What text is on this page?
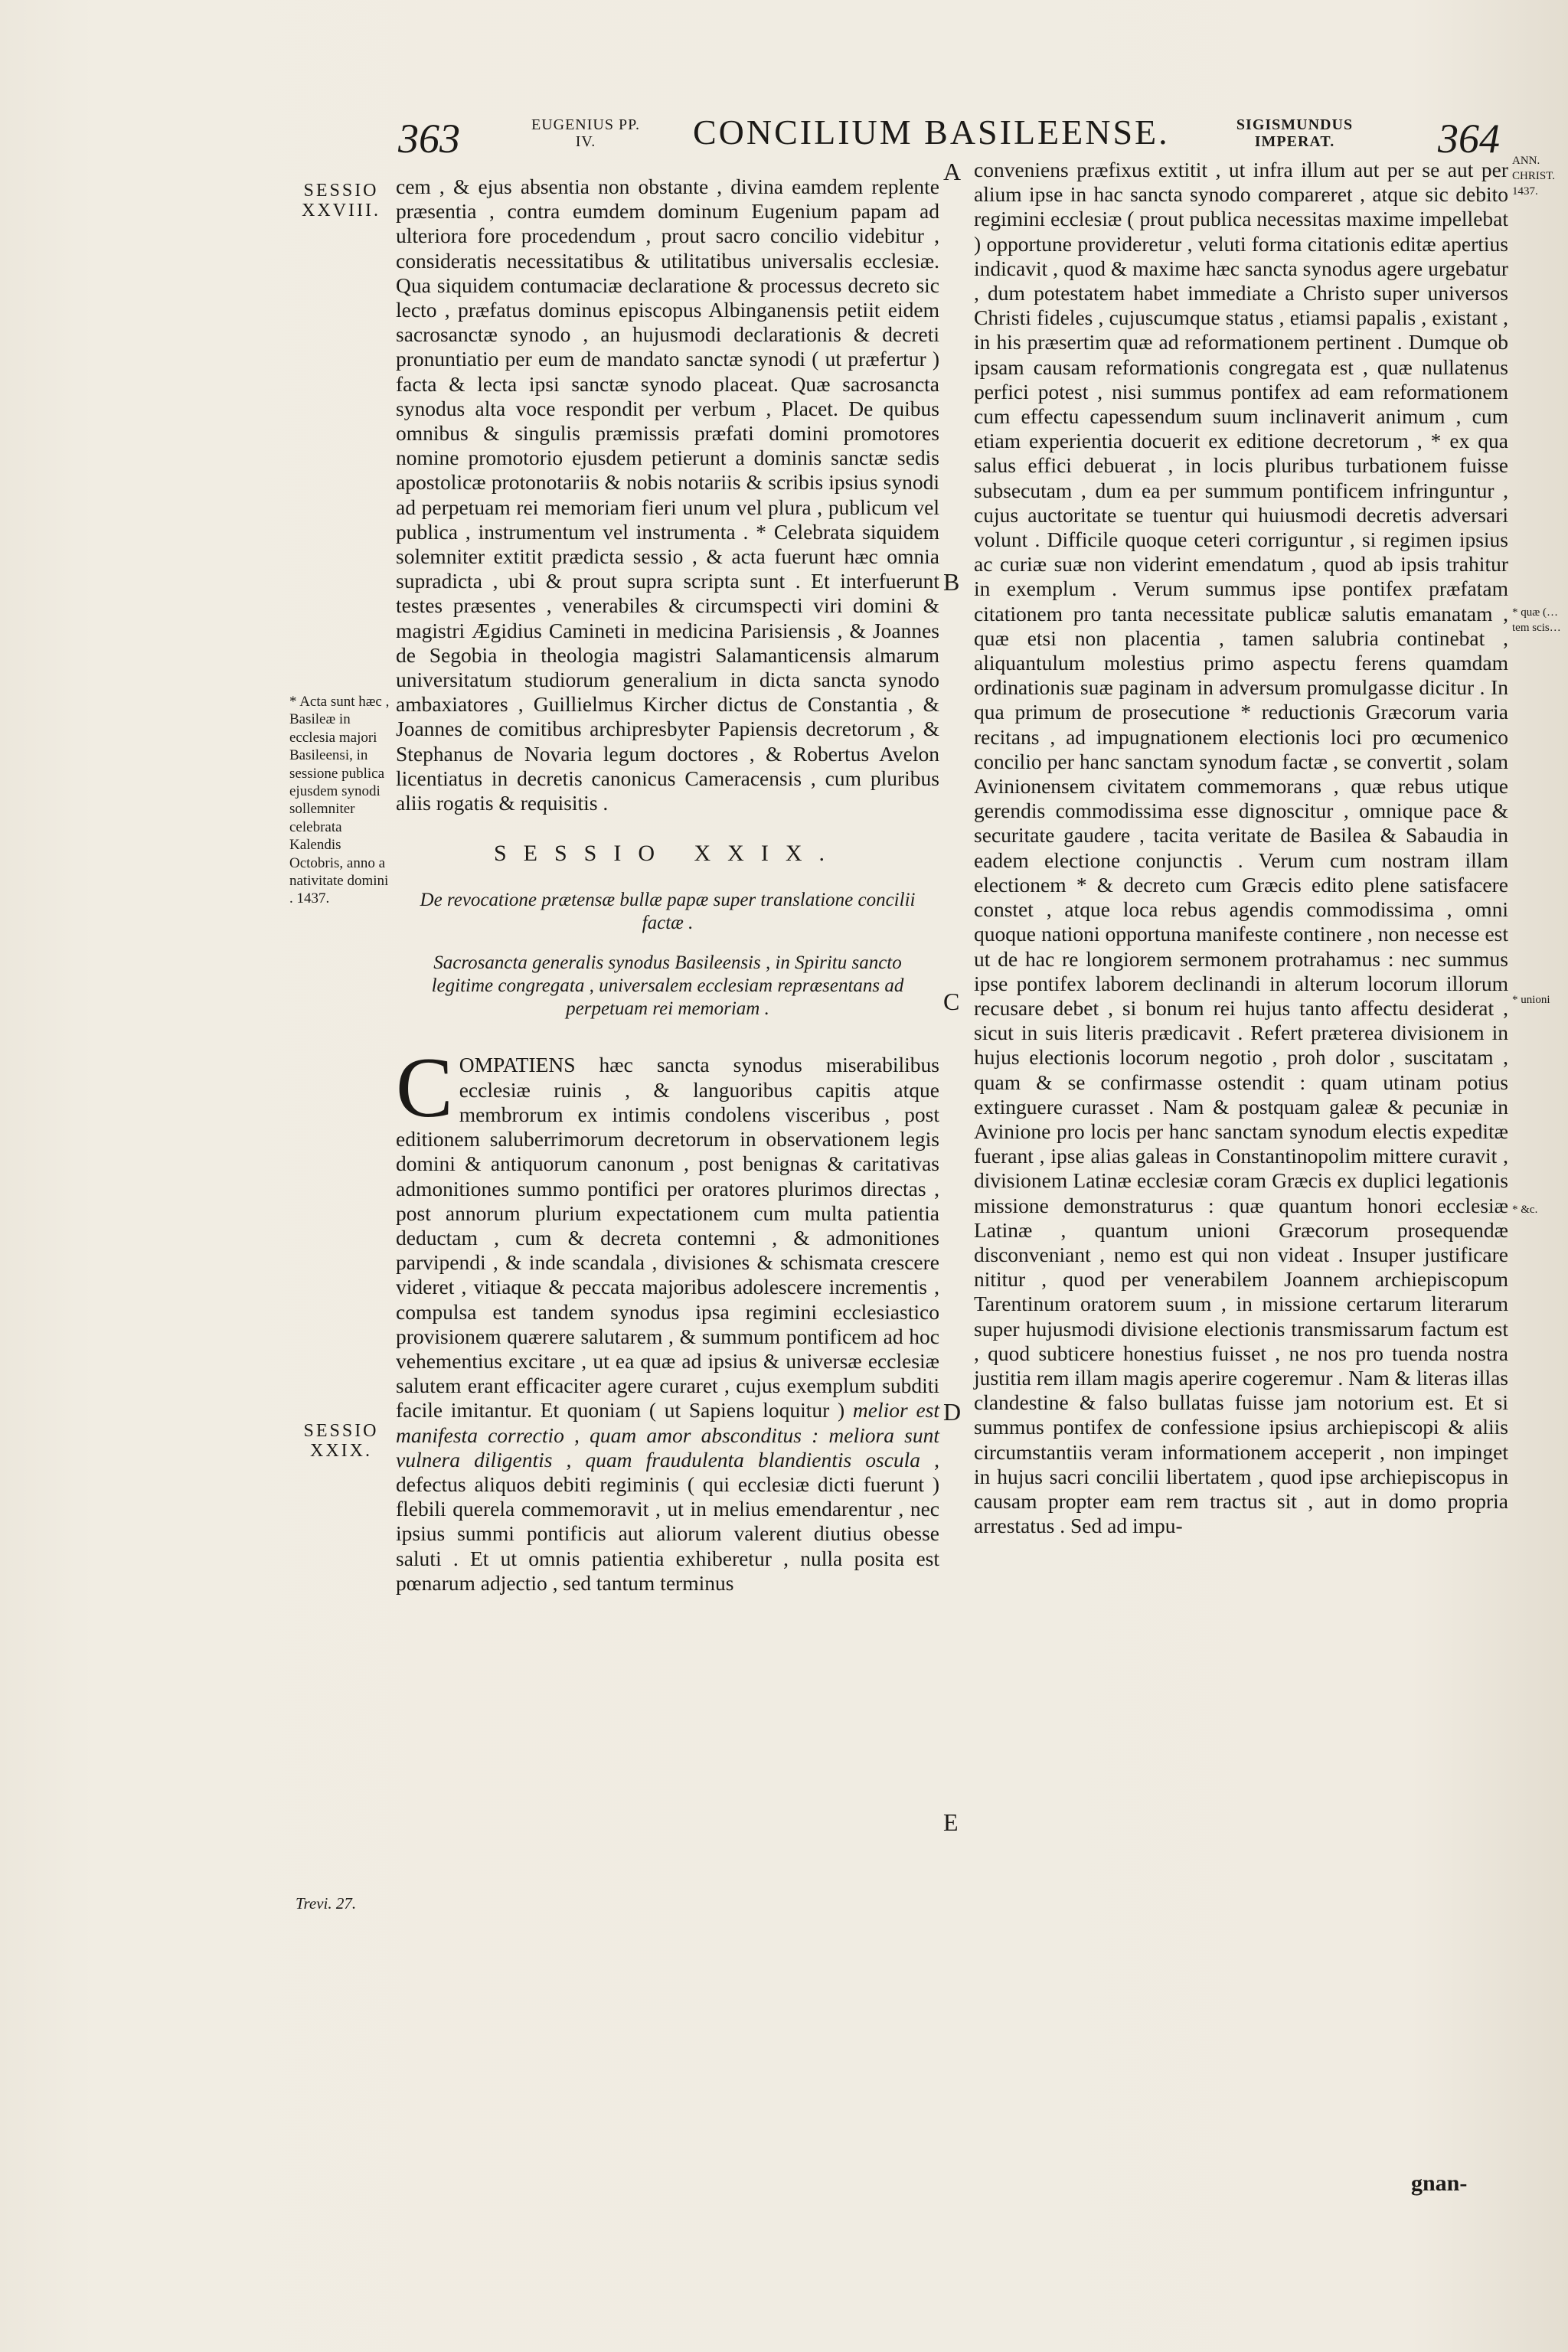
363	EUGENIUS PP. IV.	CONCILIUM BASILEENSE.	SIGISMUNDUS IMPERAT.	364
SESSIO XXVIII.
* Acta sunt hæc , Basileæ in ecclesia majori Basileensi, in sessione publica ejusdem synodi sollemniter celebrata Kalendis Octobris, anno a nativitate domini . 1437.
SESSIO XXIX.
Trevi. 27.
ANN. CHRIST. 1437.
* quæ (… tem scis…
* unioni
* &c.
A
B
C
D
E

cem , & ejus absentia non obstante , divina eamdem replente præsentia , contra eumdem dominum Eugenium papam ad ulteriora fore procedendum , prout sacro concilio videbitur , consideratis necessitatibus & utilitatibus universalis ecclesiæ. Qua siquidem contumaciæ declaratione & processus decreto sic lecto , præfatus dominus episcopus Albinganensis petiit eidem sacrosanctæ synodo , an hujusmodi declarationis & decreti pronuntiatio per eum de mandato sanctæ synodi ( ut præfertur ) facta & lecta ipsi sanctæ synodo placeat. Quæ sacrosancta synodus alta voce respondit per verbum , Placet. De quibus omnibus & singulis præmissis præfati domini promotores nomine promotorio ejusdem petierunt a dominis sanctæ sedis apostolicæ protonotariis & nobis notariis & scribis ipsius synodi ad perpetuam rei memoriam fieri unum vel plura , publicum vel publica , instrumentum vel instrumenta . * Celebrata siquidem solemniter extitit prædicta sessio , & acta fuerunt hæc omnia supradicta , ubi & prout supra scripta sunt . Et interfuerunt testes præsentes , venerabiles & circumspecti viri domini & magistri Ægidius Camineti in medicina Parisiensis , & Joannes de Segobia in theologia magistri Salamanticensis almarum universitatum studiorum generalium in dicta sancta synodo ambaxiatores , Guillielmus Kircher dictus de Constantia , & Joannes de comitibus archipresbyter Papiensis decretorum , & Stephanus de Novaria legum doctores , & Robertus Avelon licentiatus in decretis canonicus Cameracensis , cum pluribus aliis rogatis & requisitis .

SESSIO XXIX.

De revocatione prætensæ bullæ papæ super translatione concilii factæ .

Sacrosancta generalis synodus Basileensis , in Spiritu sancto legitime congregata , universalem ecclesiam repræsentans ad perpetuam rei memoriam .

COMPATIENS hæc sancta synodus miserabilibus ecclesiæ ruinis , & languoribus capitis atque membrorum ex intimis condolens visceribus , post editionem saluberrimorum decretorum in observationem legis domini & antiquorum canonum , post benignas & caritativas admonitiones summo pontifici per oratores plurimos directas , post annorum plurium expectationem cum multa patientia deductam , cum & decreta contemni , & admonitiones parvipendi , & inde scandala , divisiones & schismata crescere videret , vitiaque & peccata majoribus adolescere incrementis , compulsa est tandem synodus ipsa regimini ecclesiastico provisionem quærere salutarem , & summum pontificem ad hoc vehementius excitare , ut ea quæ ad ipsius & universæ ecclesiæ salutem erant efficaciter agere curaret , cujus exemplum subditi facile imitantur. Et quoniam ( ut Sapiens loquitur ) melior est manifesta correctio , quam amor absconditus : meliora sunt vulnera diligentis , quam fraudulenta blandientis oscula , defectus aliquos debiti regiminis ( qui ecclesiæ dicti fuerunt ) flebili querela commemoravit , ut in melius emendarentur , nec ipsius summi pontificis aut aliorum valerent diutius obesse saluti . Et ut omnis patientia exhiberetur , nulla posita est pœnarum adjectio , sed tantum terminus

conveniens præfixus extitit , ut infra illum aut per se aut per alium ipse in hac sancta synodo compareret , atque sic debito regimini ecclesiæ ( prout publica necessitas maxime impellebat ) opportune provideretur , veluti forma citationis editæ apertius indicavit , quod & maxime hæc sancta synodus agere urgebatur , dum potestatem habet immediate a Christo super universos Christi fideles , cujuscumque status , etiamsi papalis , existant , in his præsertim quæ ad reformationem pertinent . Dumque ob ipsam causam reformationis congregata est , quæ nullatenus perfici potest , nisi summus pontifex ad eam reformationem cum effectu capessendum suum inclinaverit animum , cum etiam experientia docuerit ex editione decretorum , * ex qua salus effici debuerat , in locis pluribus turbationem fuisse subsecutam , dum ea per summum pontificem infringuntur , cujus auctoritate se tuentur qui huiusmodi decretis adversari volunt . Difficile quoque ceteri corriguntur , si regimen ipsius ac curiæ suæ non viderint emendatum , quod ab ipsis trahitur in exemplum . Verum summus ipse pontifex præfatam citationem pro tanta necessitate publicæ salutis emanatam , quæ etsi non placentia , tamen salubria continebat , aliquantulum molestius primo aspectu ferens quamdam ordinationis suæ paginam in adversum promulgasse dicitur . In qua primum de prosecutione * reductionis Græcorum varia recitans , ad impugnationem electionis loci pro œcumenico concilio per hanc sanctam synodum factæ , se convertit , solam Avinionensem civitatem commemorans , quæ rebus utique gerendis commodissima esse dignoscitur , omnique pace & securitate gaudere , tacita veritate de Basilea & Sabaudia in eadem electione conjunctis . Verum cum nostram illam electionem * & decreto cum Græcis edito plene satisfacere constet , atque loca rebus agendis commodissima , omni quoque nationi opportuna manifeste continere , non necesse est ut de hac re longiorem sermonem protrahamus : nec summus ipse pontifex laborem declinandi in alterum locorum illorum recusare debet , si bonum rei hujus tanto affectu desiderat , sicut in suis literis prædicavit . Refert præterea divisionem in hujus electionis locorum negotio , proh dolor , suscitatam , quam & se confirmasse ostendit : quam utinam potius extinguere curasset . Nam & postquam galeæ & pecuniæ in Avinione pro locis per hanc sanctam synodum electis expeditæ fuerant , ipse alias galeas in Constantinopolim mittere curavit , divisionem Latinæ ecclesiæ coram Græcis ex duplici legationis missione demonstraturus : quæ quantum honori ecclesiæ Latinæ , quantum unioni Græcorum prosequendæ disconveniant , nemo est qui non videat . Insuper justificare nititur , quod per venerabilem Joannem archiepiscopum Tarentinum oratorem suum , in missione certarum literarum super hujusmodi divisione electionis transmissarum factum est , quod subticere honestius fuisset , ne nos pro tuenda nostra justitia rem illam magis aperire cogeremur . Nam & literas illas clandestine & falso bullatas fuisse jam notorium est. Et si summus pontifex de confessione ipsius archiepiscopi & aliis circumstantiis veram informationem acceperit , non impinget in hujus sacri concilii libertatem , quod ipse archiepiscopus in causam propter eam rem tractus sit , aut in domo propria arrestatus . Sed ad impu-

gnan-
